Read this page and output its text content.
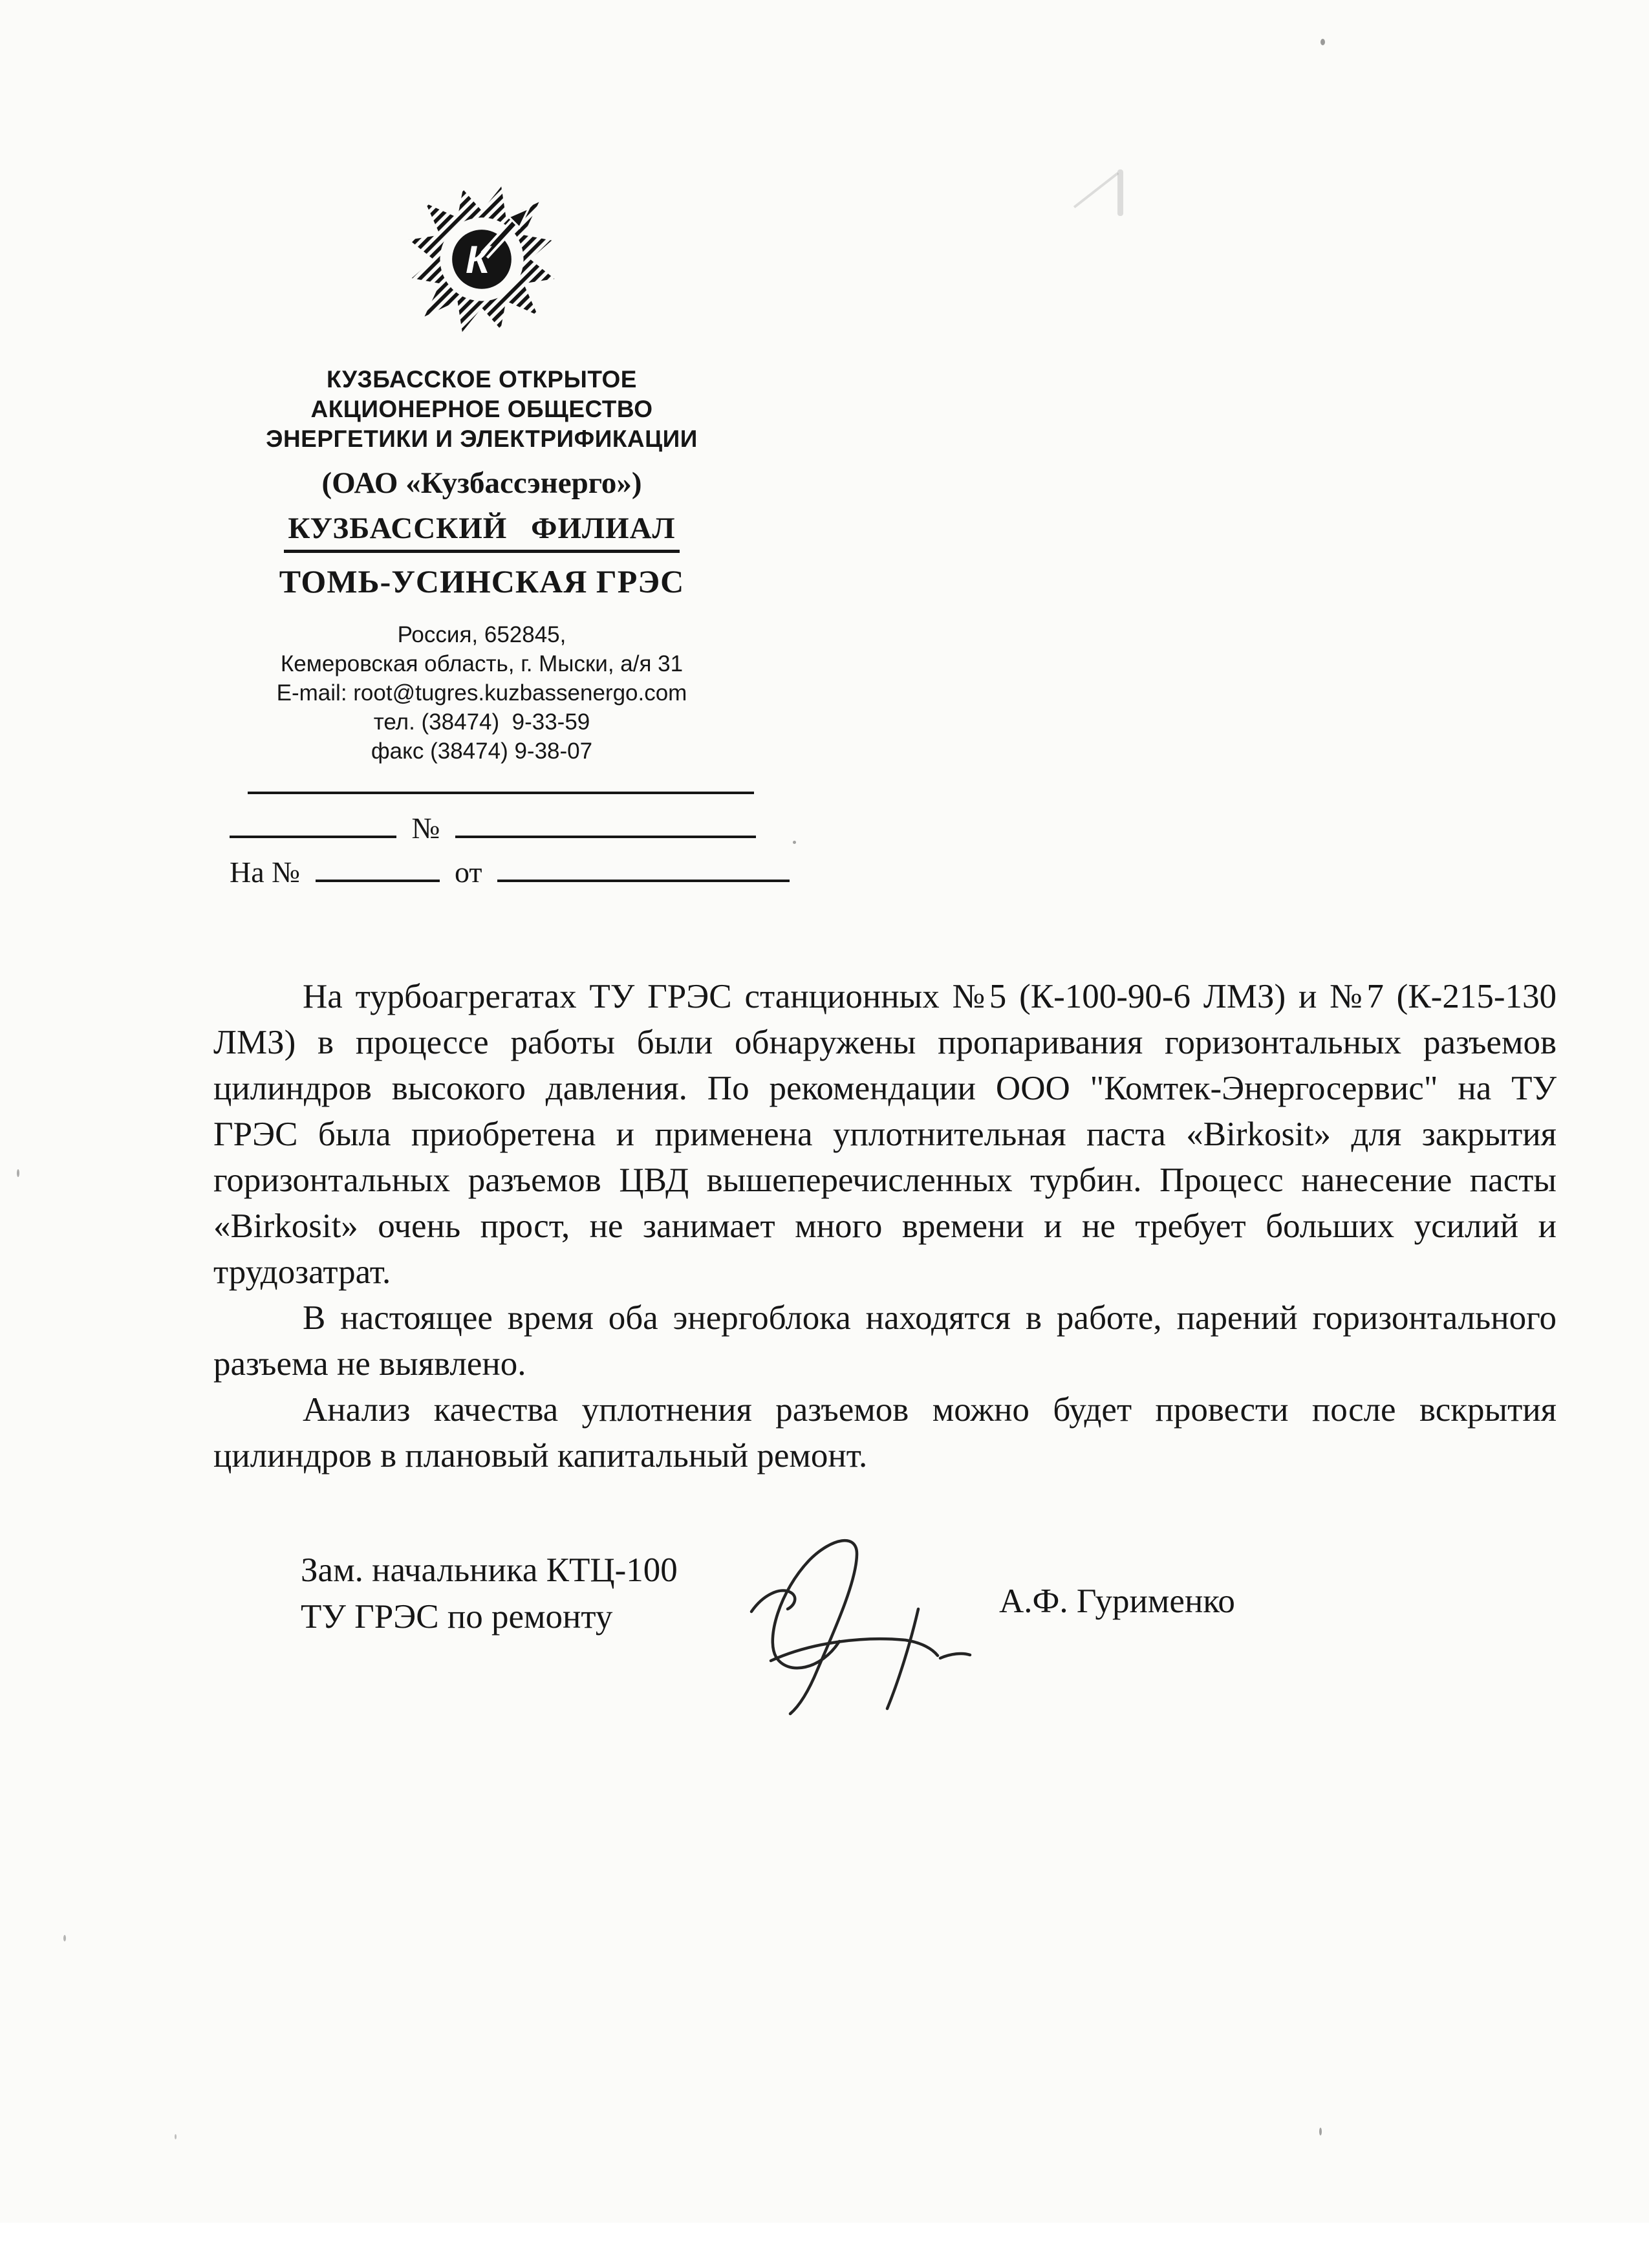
К
КУЗБАССКОЕ ОТКРЫТОЕ
АКЦИОНЕРНОЕ ОБЩЕСТВО
ЭНЕРГЕТИКИ И ЭЛЕКТРИФИКАЦИИ
(ОАО «Кузбассэнерго»)
КУЗБАССКИЙ ФИЛИАЛ
ТОМЬ-УСИНСКАЯ ГРЭС
Россия, 652845,
Кемеровская область, г. Мыски, а/я 31
E-mail: root@tugres.kuzbassenergo.com
тел. (38474)  9-33-59
факс (38474) 9-38-07
№
На №	от

На турбоагрегатах ТУ ГРЭС станционных №5 (К-100-90-6 ЛМЗ) и №7 (К-215-130 ЛМЗ) в процессе работы были обнаружены пропаривания горизонтальных разъемов цилиндров высокого давления. По рекомендации ООО "Комтек-Энергосервис" на ТУ ГРЭС была приобретена и применена уплотнительная паста «Birkosit» для закрытия горизонтальных разъемов ЦВД вышеперечисленных турбин. Процесс нанесение пасты «Birkosit» очень прост, не занимает много времени и не требует больших усилий и трудозатрат.

В настоящее время оба энергоблока находятся в работе, парений горизонтального разъема не выявлено.

Анализ качества уплотнения разъемов можно будет провести после вскрытия цилиндров в плановый капитальный ремонт.

Зам. начальника КТЦ-100
ТУ ГРЭС по ремонту	А.Ф. Гурименко
